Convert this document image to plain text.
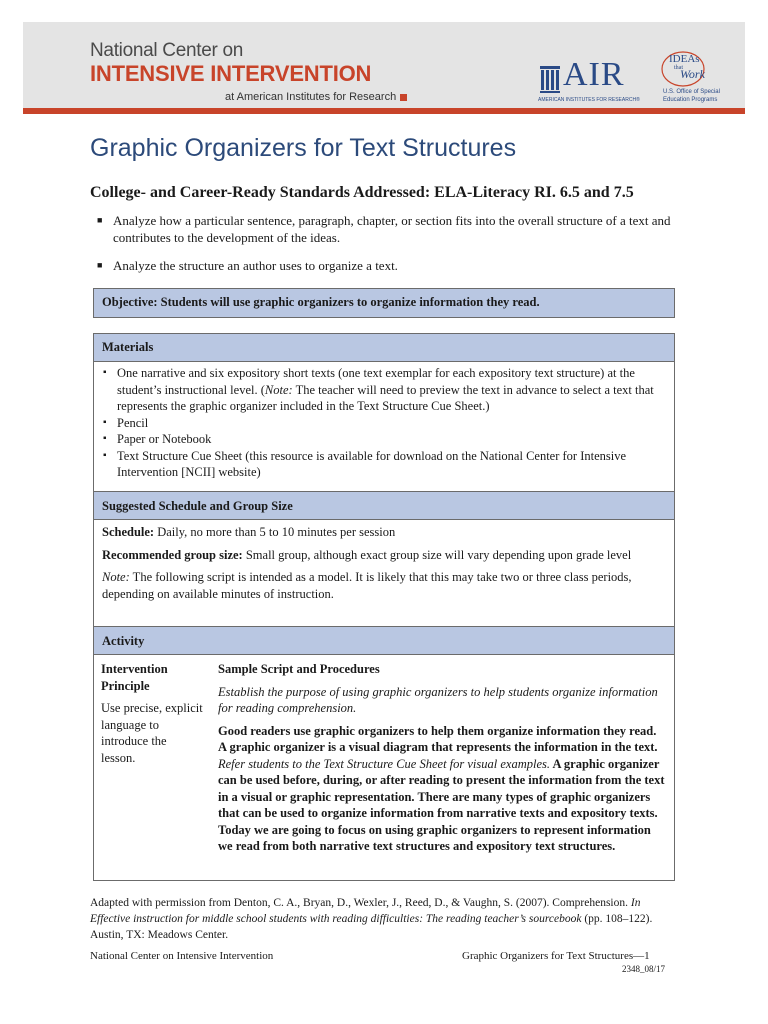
National Center on
INTENSIVE INTERVENTION
at American Institutes for Research
AIR
AMERICAN INSTITUTES FOR RESEARCH®
IDEAs
that
Work
U.S. Office of Special
Education Programs
Graphic Organizers for Text Structures
College- and Career-Ready Standards Addressed: ELA-Literacy RI. 6.5 and 7.5
■ Analyze how a particular sentence, paragraph, chapter, or section fits into the overall structure of a text and contributes to the development of the ideas.
■ Analyze the structure an author uses to organize a text.
Objective: Students will use graphic organizers to organize information they read.
Materials
▪ One narrative and six expository short texts (one text exemplar for each expository text structure) at the student’s instructional level. (Note: The teacher will need to preview the text in advance to select a text that represents the graphic organizer included in the Text Structure Cue Sheet.)
▪ Pencil
▪ Paper or Notebook
▪ Text Structure Cue Sheet (this resource is available for download on the National Center for Intensive Intervention [NCII] website)
Suggested Schedule and Group Size
Schedule: Daily, no more than 5 to 10 minutes per session
Recommended group size: Small group, although exact group size will vary depending upon grade level
Note: The following script is intended as a model. It is likely that this may take two or three class periods, depending on available minutes of instruction.
Activity
Intervention Principle
Use precise, explicit language to introduce the lesson.
Sample Script and Procedures
Establish the purpose of using graphic organizers to help students organize information for reading comprehension.
Good readers use graphic organizers to help them organize information they read. A graphic organizer is a visual diagram that represents the information in the text. Refer students to the Text Structure Cue Sheet for visual examples. A graphic organizer can be used before, during, or after reading to present the information from the text in a visual or graphic representation. There are many types of graphic organizers that can be used to organize information from narrative texts and expository texts. Today we are going to focus on using graphic organizers to represent information we read from both narrative text structures and expository text structures.
Adapted with permission from Denton, C. A., Bryan, D., Wexler, J., Reed, D., & Vaughn, S. (2007). Comprehension. In Effective instruction for middle school students with reading difficulties: The reading teacher’s sourcebook (pp. 108–122). Austin, TX: Meadows Center.
National Center on Intensive Intervention	Graphic Organizers for Text Structures—1
2348_08/17
